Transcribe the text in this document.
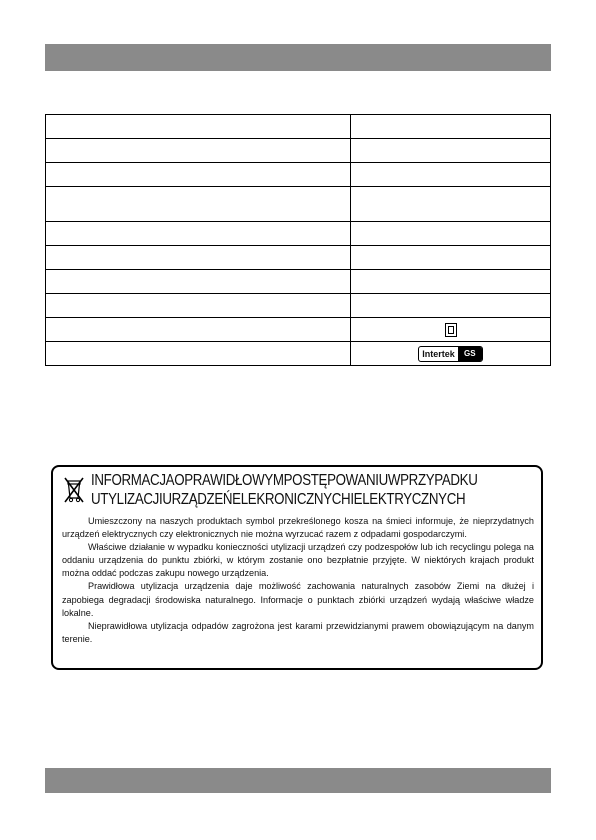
	Intertek GS
INFORMACJAOPRAWIDŁOWYMPOSTĘPOWANIUWPRZYPADKU
UTYLIZACJIURZĄDZEŃELEKRONICZNYCHIELEKTRYCZNYCH

Umieszczony na naszych produktach symbol przekreślonego kosza na śmieci informuje, że nieprzydatnych urządzeń elektrycznych czy elektronicznych nie można wyrzucać razem z odpadami gospodarczymi.

Właściwe działanie w wypadku konieczności utylizacji urządzeń czy podzespołów lub ich recyclingu polega na oddaniu urządzenia do punktu zbiórki, w którym zostanie ono bezpłatnie przyjęte. W niektórych krajach produkt można oddać podczas zakupu nowego urządzenia.

Prawidłowa utylizacja urządzenia daje możliwość zachowania naturalnych zasobów Ziemi na dłużej i zapobiega degradacji środowiska naturalnego. Informacje o punktach zbiórki urządzeń wydają właściwe władze lokalne.

Nieprawidłowa utylizacja odpadów zagrożona jest karami przewidzianymi prawem obowiązującym na danym terenie.
